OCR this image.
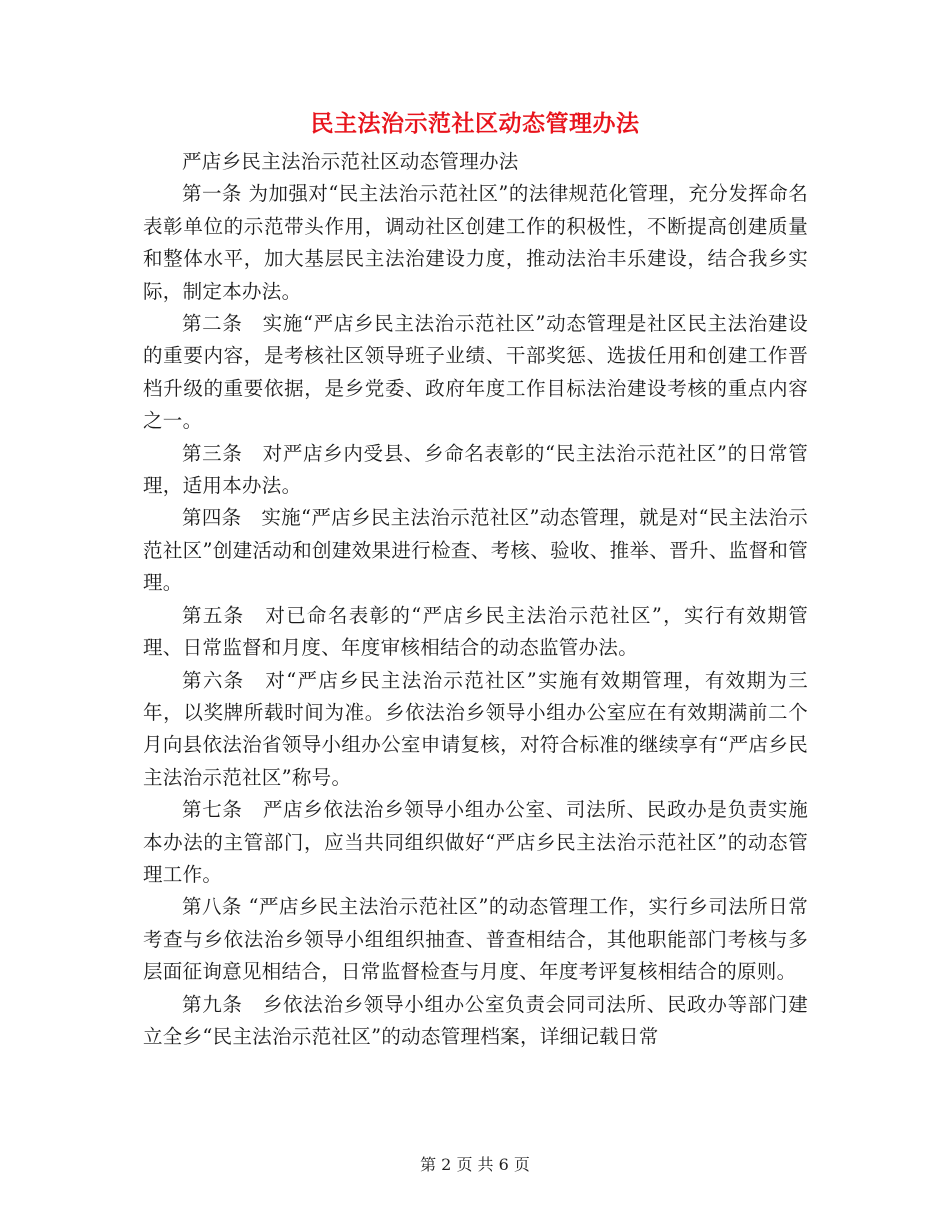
民主法治示范社区动态管理办法

严店乡民主法治示范社区动态管理办法

第一条 为加强对“民主法治示范社区”的法律规范化管理，充分发挥命名表彰单位的示范带头作用，调动社区创建工作的积极性，不断提高创建质量和整体水平，加大基层民主法治建设力度，推动法治丰乐建设，结合我乡实际，制定本办法。

第二条　实施“严店乡民主法治示范社区”动态管理是社区民主法治建设的重要内容，是考核社区领导班子业绩、干部奖惩、选拔任用和创建工作晋档升级的重要依据，是乡党委、政府年度工作目标法治建设考核的重点内容之一。

第三条　对严店乡内受县、乡命名表彰的“民主法治示范社区”的日常管理，适用本办法。

第四条　实施“严店乡民主法治示范社区”动态管理，就是对“民主法治示范社区”创建活动和创建效果进行检查、考核、验收、推举、晋升、监督和管理。

第五条　对已命名表彰的“严店乡民主法治示范社区”，实行有效期管理、日常监督和月度、年度审核相结合的动态监管办法。

第六条　对“严店乡民主法治示范社区”实施有效期管理，有效期为三年，以奖牌所载时间为准。乡依法治乡领导小组办公室应在有效期满前二个月向县依法治省领导小组办公室申请复核，对符合标准的继续享有“严店乡民主法治示范社区”称号。

第七条　严店乡依法治乡领导小组办公室、司法所、民政办是负责实施本办法的主管部门，应当共同组织做好“严店乡民主法治示范社区”的动态管理工作。

第八条 “严店乡民主法治示范社区”的动态管理工作，实行乡司法所日常考查与乡依法治乡领导小组组织抽查、普查相结合，其他职能部门考核与多层面征询意见相结合，日常监督检查与月度、年度考评复核相结合的原则。

第九条　乡依法治乡领导小组办公室负责会同司法所、民政办等部门建立全乡“民主法治示范社区”的动态管理档案，详细记载日常

第 2 页 共 6 页
